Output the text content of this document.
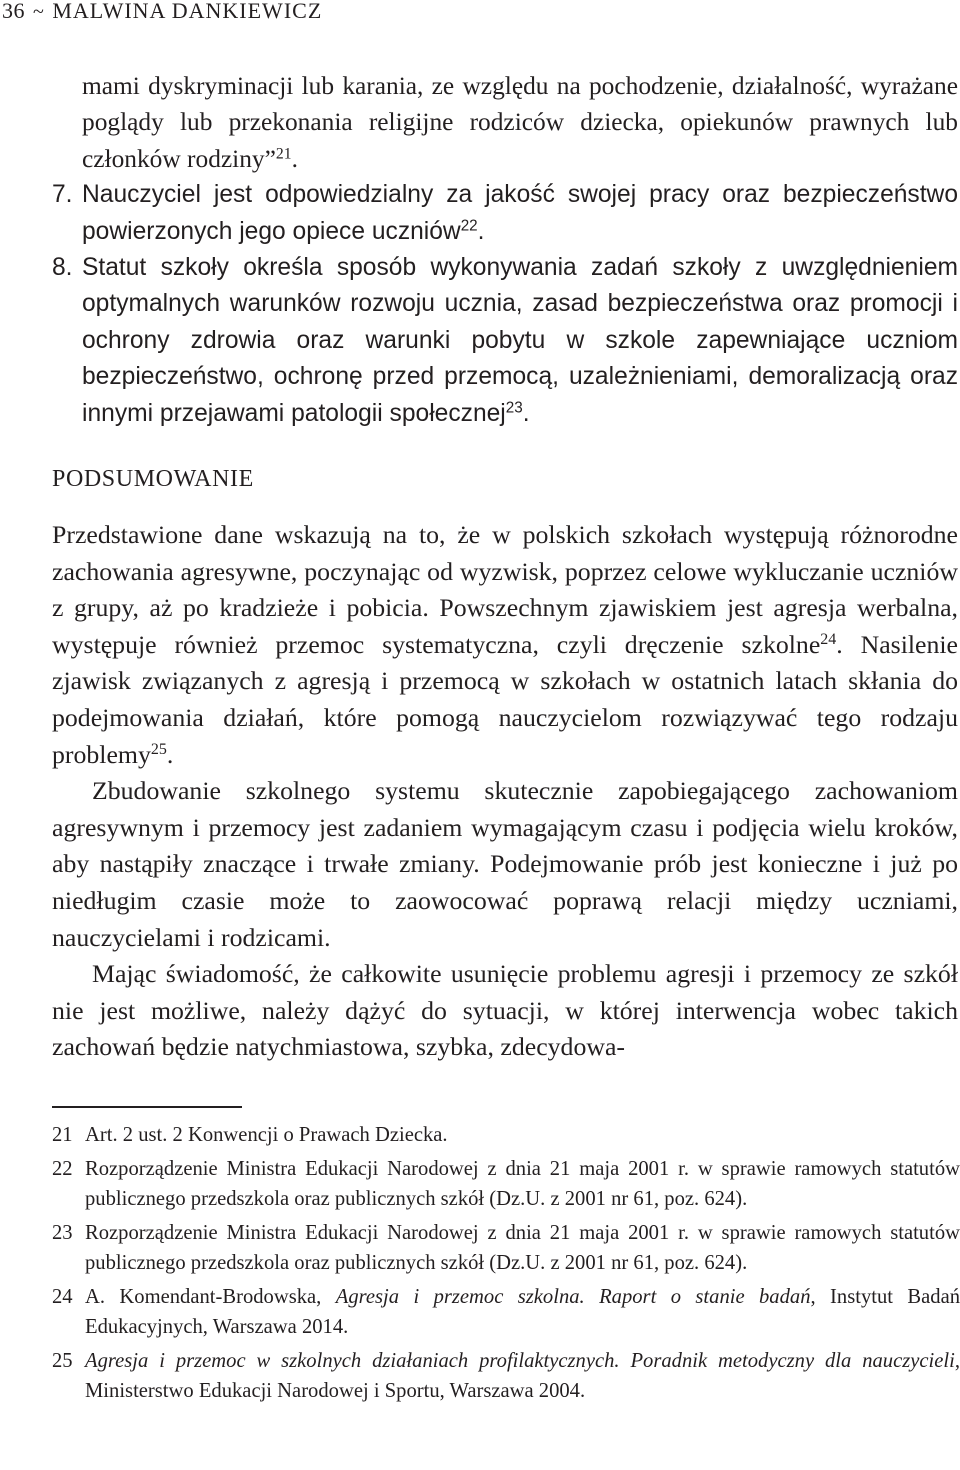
36 ~ MALWINA DANKIEWICZ
mami dyskryminacji lub karania, ze względu na pochodzenie, działalność, wyrażane poglądy lub przekonania religijne rodziców dziecka, opiekunów prawnych lub członków rodziny”$^{21}$.
7. Nauczyciel jest odpowiedzialny za jakość swojej pracy oraz bezpieczeństwo powierzonych jego opiece uczniów$^{22}$.
8. Statut szkoły określa sposób wykonywania zadań szkoły z uwzględnieniem optymalnych warunków rozwoju ucznia, zasad bezpieczeństwa oraz promocji i ochrony zdrowia oraz warunki pobytu w szkole zapewniające uczniom bezpieczeństwo, ochronę przed przemocą, uzależnieniami, demoralizacją oraz innymi przejawami patologii społecznej$^{23}$.
PODSUMOWANIE

Przedstawione dane wskazują na to, że w polskich szkołach występują różnorodne zachowania agresywne, poczynając od wyzwisk, poprzez celowe wykluczanie uczniów z grupy, aż po kradzieże i pobicia. Powszechnym zjawiskiem jest agresja werbalna, występuje również przemoc systematyczna, czyli dręczenie szkolne$^{24}$. Nasilenie zjawisk związanych z agresją i przemocą w szkołach w ostatnich latach skłania do podejmowania działań, które pomogą nauczycielom rozwiązywać tego rodzaju problemy$^{25}$.

Zbudowanie szkolnego systemu skutecznie zapobiegającego zachowaniom agresywnym i przemocy jest zadaniem wymagającym czasu i podjęcia wielu kroków, aby nastąpiły znaczące i trwałe zmiany. Podejmowanie prób jest konieczne i już po niedługim czasie może to zaowocować poprawą relacji między uczniami, nauczycielami i rodzicami.

Mając świadomość, że całkowite usunięcie problemu agresji i przemocy ze szkół nie jest możliwe, należy dążyć do sytuacji, w której interwencja wobec takich zachowań będzie natychmiastowa, szybka, zdecydowa-

21 Art. 2 ust. 2 Konwencji o Prawach Dziecka.
22 Rozporządzenie Ministra Edukacji Narodowej z dnia 21 maja 2001 r. w sprawie ramowych statutów publicznego przedszkola oraz publicznych szkół (Dz.U. z 2001 nr 61, poz. 624).
23 Rozporządzenie Ministra Edukacji Narodowej z dnia 21 maja 2001 r. w sprawie ramowych statutów publicznego przedszkola oraz publicznych szkół (Dz.U. z 2001 nr 61, poz. 624).
24 A. Komendant-Brodowska, Agresja i przemoc szkolna. Raport o stanie badań, Instytut Badań Edukacyjnych, Warszawa 2014.
25 Agresja i przemoc w szkolnych działaniach profilaktycznych. Poradnik metodyczny dla nauczycieli, Ministerstwo Edukacji Narodowej i Sportu, Warszawa 2004.
